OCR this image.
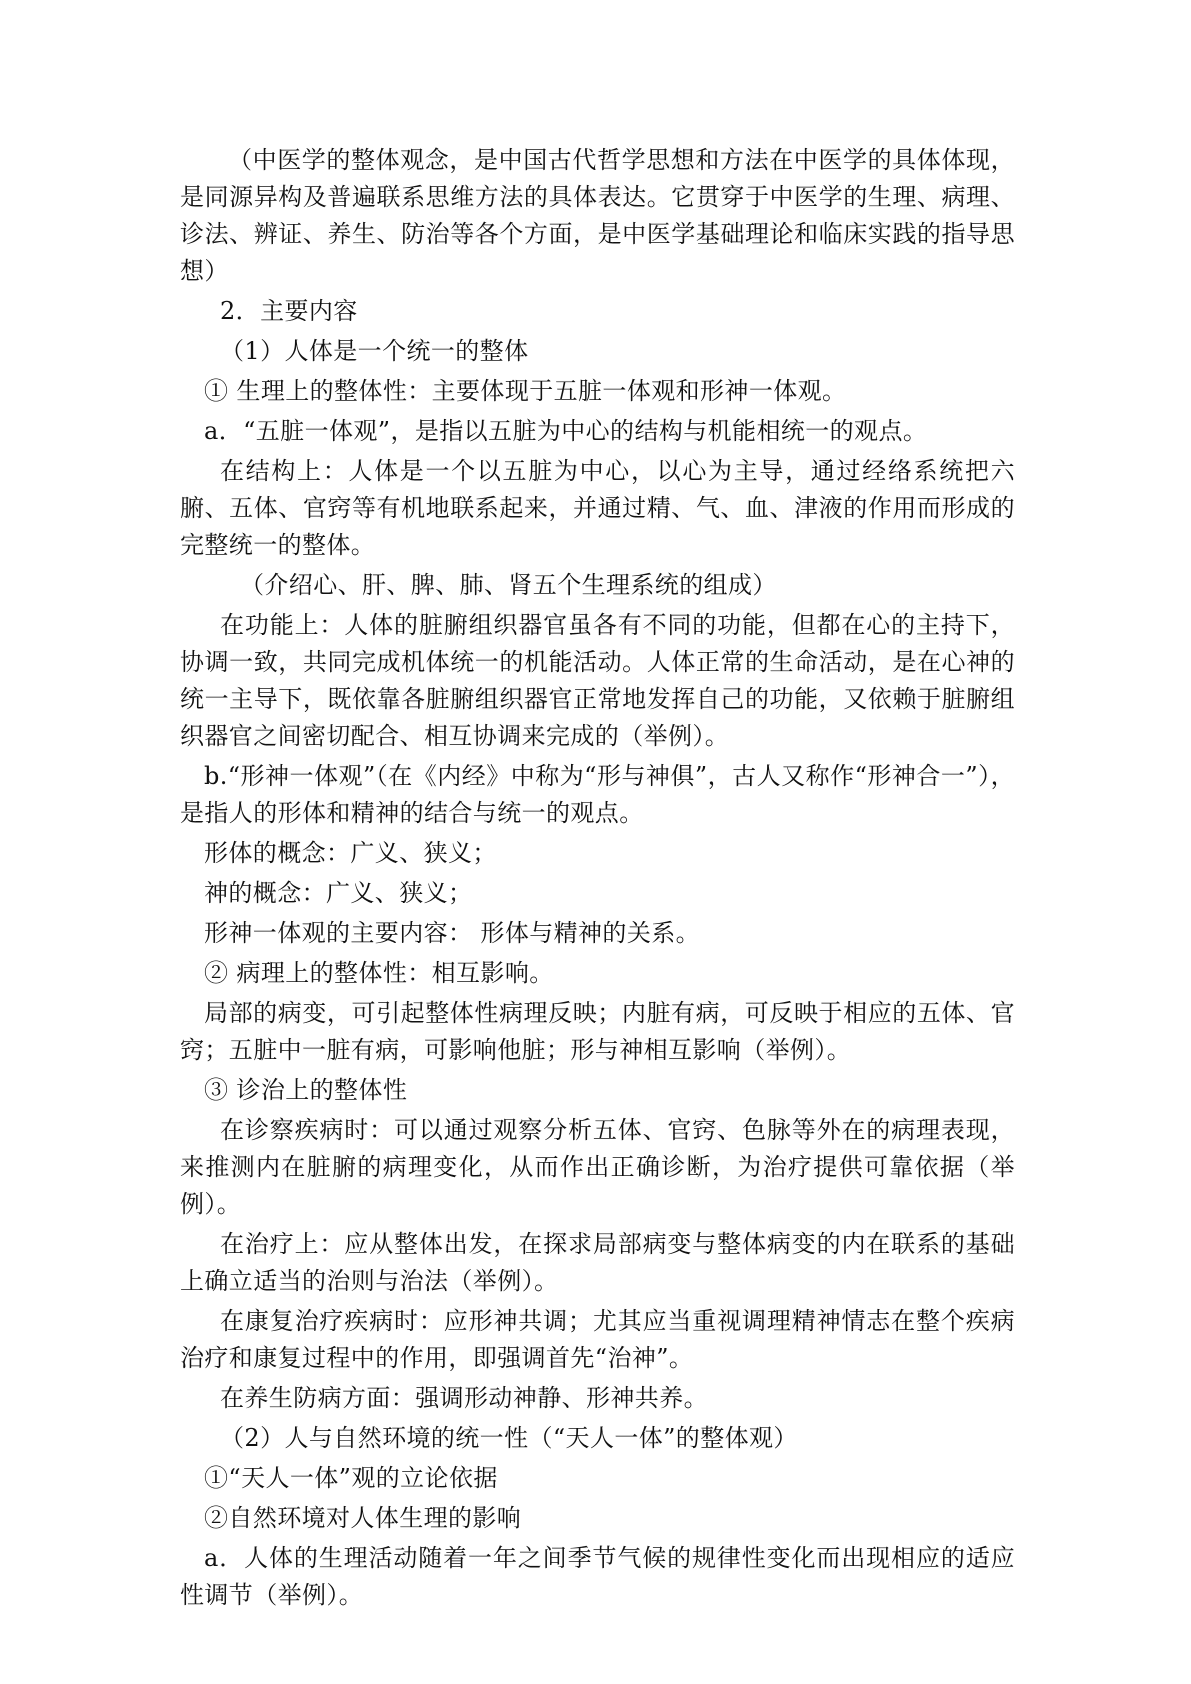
（中医学的整体观念，是中国古代哲学思想和方法在中医学的具体体现，是同源异构及普遍联系思维方法的具体表达。它贯穿于中医学的生理、病理、诊法、辨证、养生、防治等各个方面，是中医学基础理论和临床实践的指导思想）

2．主要内容

（1）人体是一个统一的整体

① 生理上的整体性：主要体现于五脏一体观和形神一体观。

a．“五脏一体观”，是指以五脏为中心的结构与机能相统一的观点。

在结构上：人体是一个以五脏为中心，以心为主导，通过经络系统把六腑、五体、官窍等有机地联系起来，并通过精、气、血、津液的作用而形成的完整统一的整体。

（介绍心、肝、脾、肺、肾五个生理系统的组成）

在功能上：人体的脏腑组织器官虽各有不同的功能，但都在心的主持下，协调一致，共同完成机体统一的机能活动。人体正常的生命活动，是在心神的统一主导下，既依靠各脏腑组织器官正常地发挥自己的功能，又依赖于脏腑组织器官之间密切配合、相互协调来完成的（举例）。

b.“形神一体观”（在《内经》中称为“形与神俱”，古人又称作“形神合一”），是指人的形体和精神的结合与统一的观点。

形体的概念：广义、狭义；

神的概念：广义、狭义；

形神一体观的主要内容： 形体与精神的关系。

② 病理上的整体性：相互影响。

局部的病变，可引起整体性病理反映；内脏有病，可反映于相应的五体、官窍；五脏中一脏有病，可影响他脏；形与神相互影响（举例）。

③ 诊治上的整体性

在诊察疾病时：可以通过观察分析五体、官窍、色脉等外在的病理表现，来推测内在脏腑的病理变化，从而作出正确诊断，为治疗提供可靠依据（举例）。

在治疗上：应从整体出发，在探求局部病变与整体病变的内在联系的基础上确立适当的治则与治法（举例）。

在康复治疗疾病时：应形神共调；尤其应当重视调理精神情志在整个疾病治疗和康复过程中的作用，即强调首先“治神”。

在养生防病方面：强调形动神静、形神共养。

（2）人与自然环境的统一性（“天人一体”的整体观）

①“天人一体”观的立论依据

②自然环境对人体生理的影响

a．人体的生理活动随着一年之间季节气候的规律性变化而出现相应的适应性调节（举例）。
